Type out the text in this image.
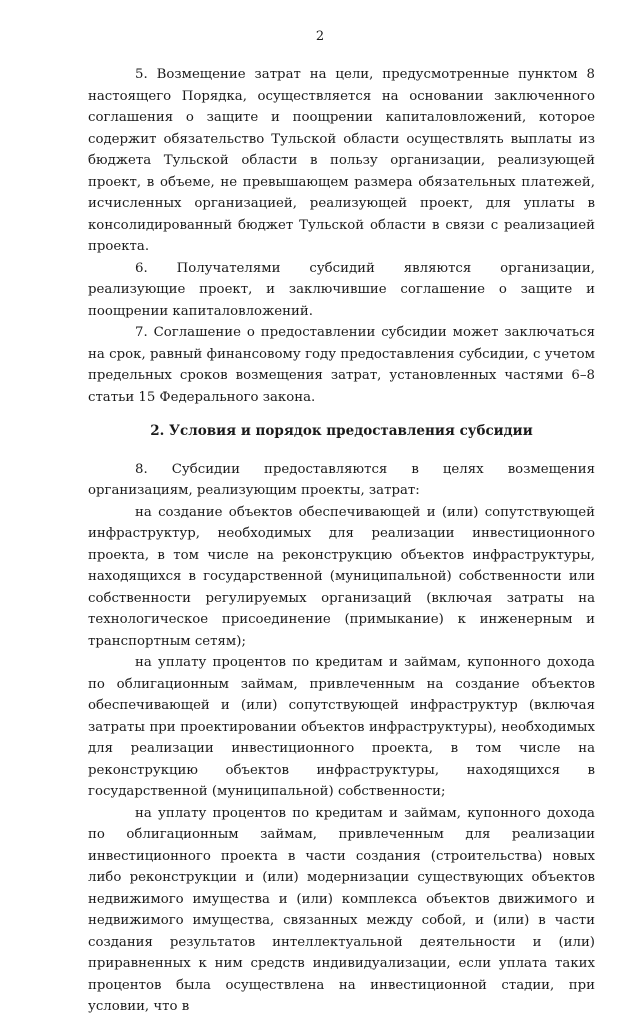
2

5. Возмещение затрат на цели, предусмотренные пунктом 8 настоящего Порядка, осуществляется на основании заключенного соглашения о защите и поощрении капиталовложений, которое содержит обязательство Тульской области осуществлять выплаты из бюджета Тульской области в пользу организации, реализующей проект, в объеме, не превышающем размера обязательных платежей, исчисленных организацией, реализующей проект, для уплаты в консолидированный бюджет Тульской области в связи с реализацией проекта.

6. Получателями субсидий являются организации, реализующие проект, и заключившие соглашение о защите и поощрении капиталовложений.

7. Соглашение о предоставлении субсидии может заключаться на срок, равный финансовому году предоставления субсидии, с учетом предельных сроков возмещения затрат, установленных частями 6–8 статьи 15 Федерального закона.

2. Условия и порядок предоставления субсидии

8. Субсидии предоставляются в целях возмещения организациям, реализующим проекты, затрат:

на создание объектов обеспечивающей и (или) сопутствующей инфраструктур, необходимых для реализации инвестиционного проекта, в том числе на реконструкцию объектов инфраструктуры, находящихся в государственной (муниципальной) собственности или собственности регулируемых организаций (включая затраты на технологическое присоединение (примыкание) к инженерным и транспортным сетям);

на уплату процентов по кредитам и займам, купонного дохода по облигационным займам, привлеченным на создание объектов обеспечивающей и (или) сопутствующей инфраструктур (включая затраты при проектировании объектов инфраструктуры), необходимых для реализации инвестиционного проекта, в том числе на реконструкцию объектов инфраструктуры, находящихся в государственной (муниципальной) собственности;

на уплату процентов по кредитам и займам, купонного дохода по облигационным займам, привлеченным для реализации инвестиционного проекта в части создания (строительства) новых либо реконструкции и (или) модернизации существующих объектов недвижимого имущества и (или) комплекса объектов движимого и недвижимого имущества, связанных между собой, и (или) в части создания результатов интеллектуальной деятельности и (или) приравненных к ним средств индивидуализации, если уплата таких процентов была осуществлена на инвестиционной стадии, при условии, что в
